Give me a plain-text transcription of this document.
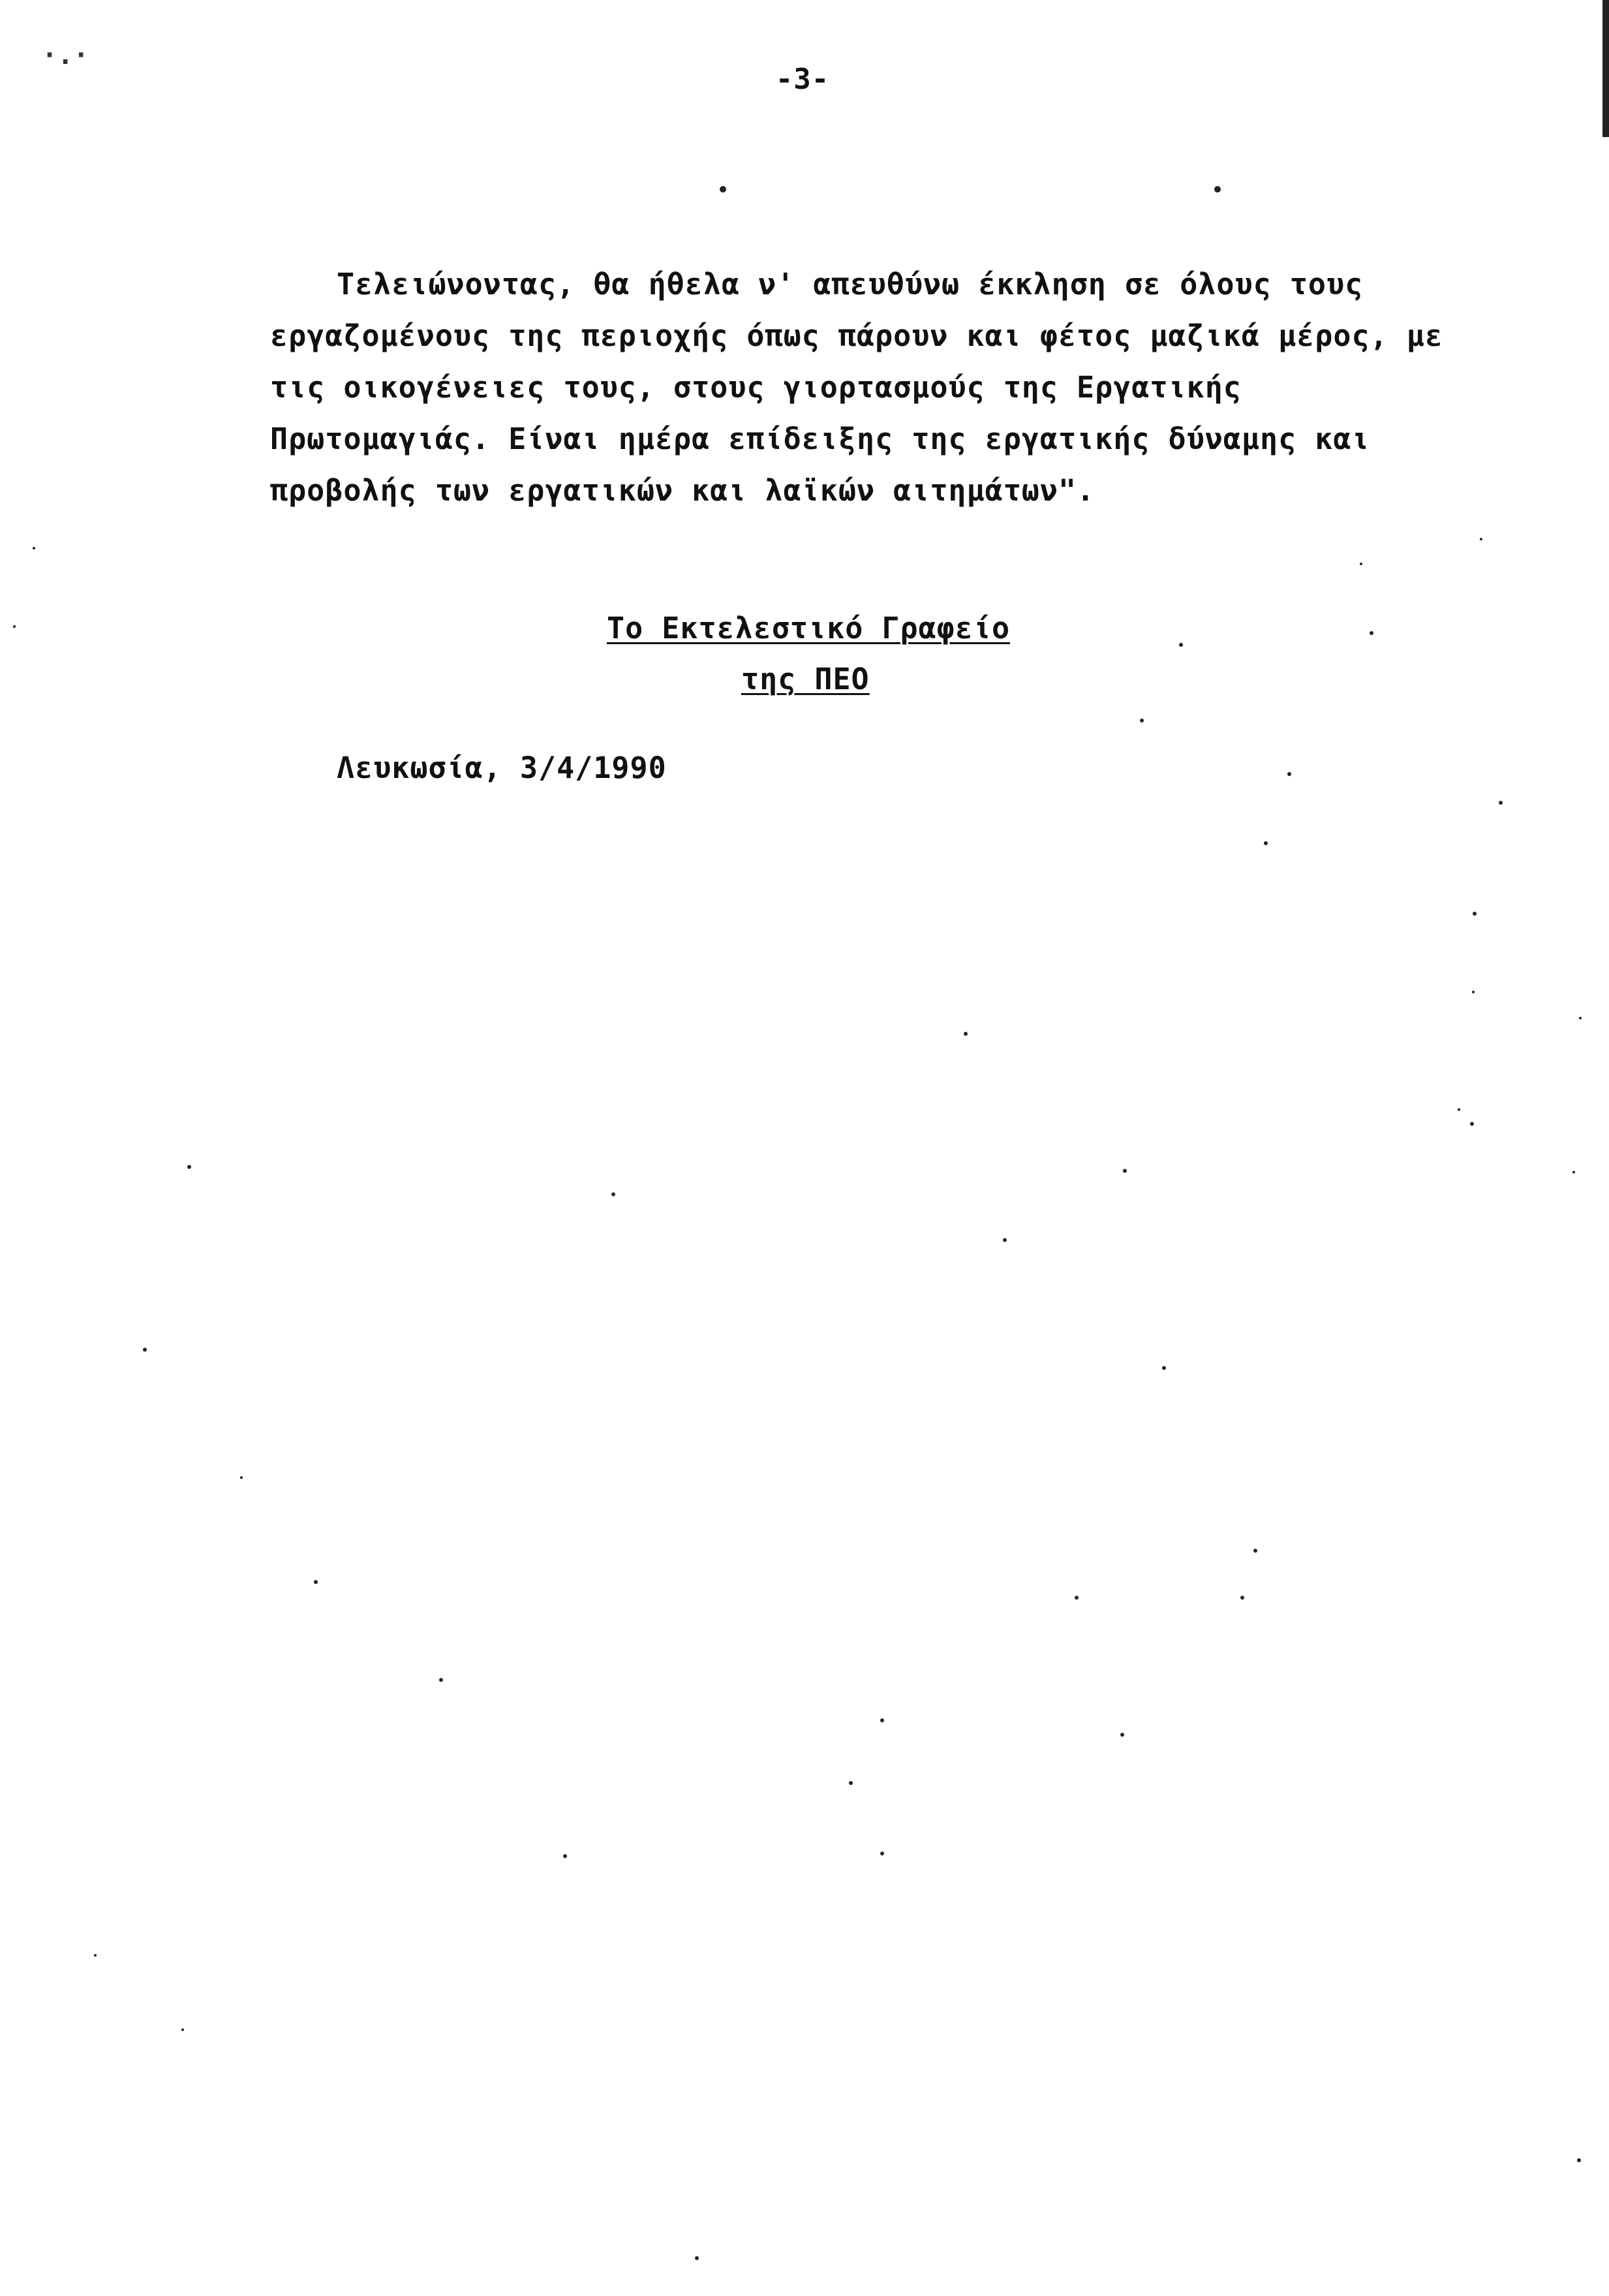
·.·
-3-
Τελειώνοντας, θα ήθελα ν' απευθύνω έκκληση σε όλους τους
εργαζομένους της περιοχής όπως πάρουν και φέτος μαζικά μέρος, με
τις οικογένειες τους, στους γιορτασμούς της Εργατικής
Πρωτομαγιάς. Είναι ημέρα επίδειξης της εργατικής δύναμης και
προβολής των εργατικών και λαϊκών αιτημάτων".
Το Εκτελεστικό Γραφείο
της ΠΕΟ
Λευκωσία, 3/4/1990
